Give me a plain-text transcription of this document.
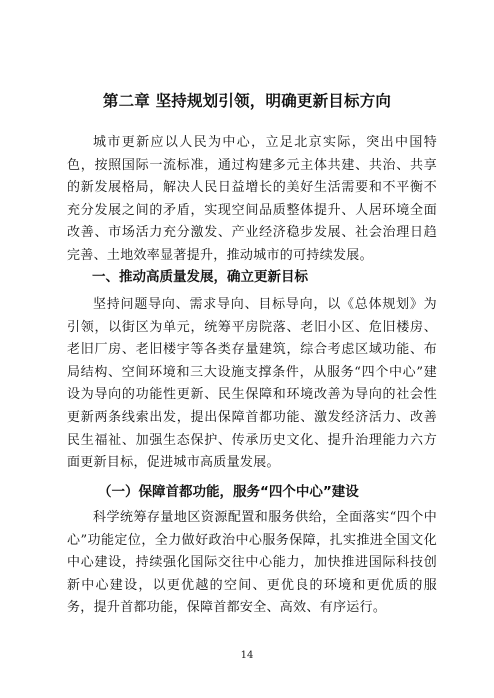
第二章 坚持规划引领，明确更新目标方向

城市更新应以人民为中心，立足北京实际，突出中国特色，按照国际一流标准，通过构建多元主体共建、共治、共享的新发展格局，解决人民日益增长的美好生活需要和不平衡不充分发展之间的矛盾，实现空间品质整体提升、人居环境全面改善、市场活力充分激发、产业经济稳步发展、社会治理日趋完善、土地效率显著提升，推动城市的可持续发展。

一、推动高质量发展，确立更新目标

坚持问题导向、需求导向、目标导向，以《总体规划》为引领，以街区为单元，统筹平房院落、老旧小区、危旧楼房、老旧厂房、老旧楼宇等各类存量建筑，综合考虑区域功能、布局结构、空间环境和三大设施支撑条件，从服务“四个中心”建设为导向的功能性更新、民生保障和环境改善为导向的社会性更新两条线索出发，提出保障首都功能、激发经济活力、改善民生福祉、加强生态保护、传承历史文化、提升治理能力六方面更新目标，促进城市高质量发展。

（一）保障首都功能，服务“四个中心”建设

科学统筹存量地区资源配置和服务供给，全面落实“四个中心”功能定位，全力做好政治中心服务保障，扎实推进全国文化中心建设，持续强化国际交往中心能力，加快推进国际科技创新中心建设，以更优越的空间、更优良的环境和更优质的服务，提升首都功能，保障首都安全、高效、有序运行。

14
